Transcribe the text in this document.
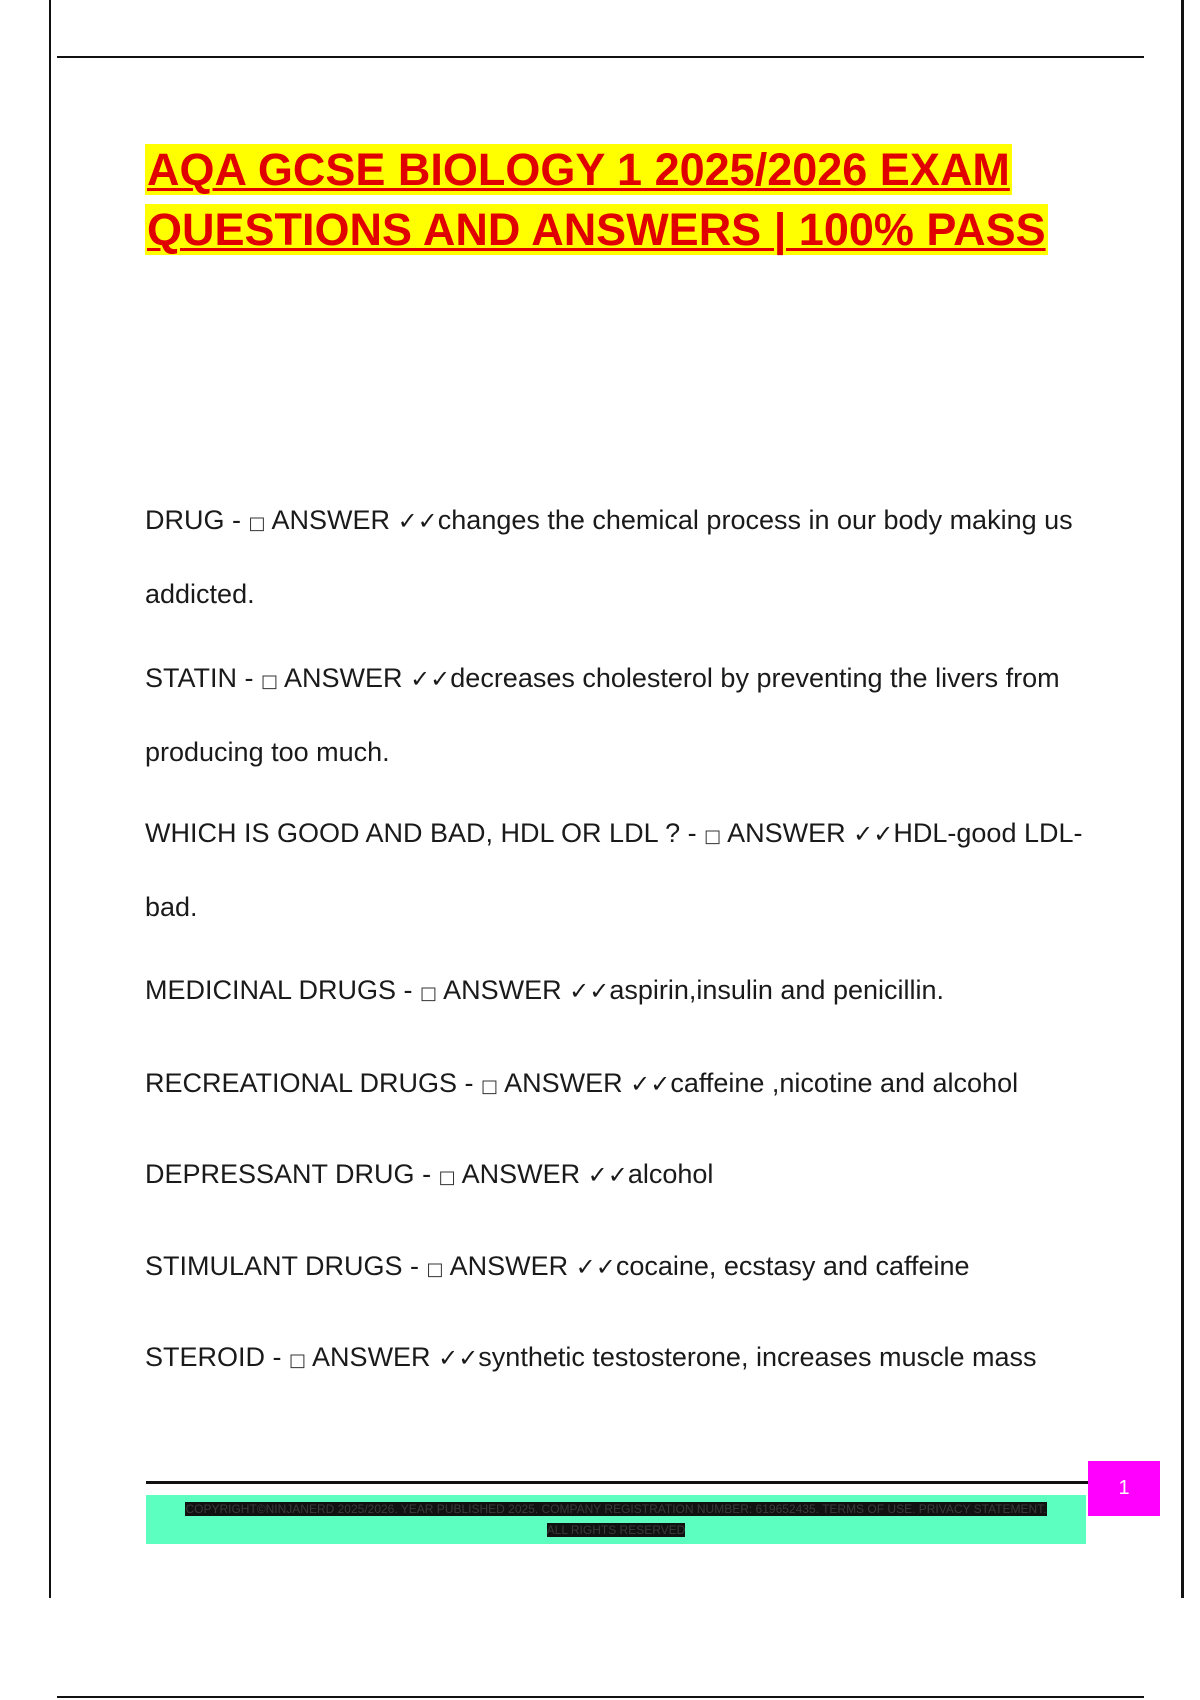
AQA GCSE BIOLOGY 1 2025/2026 EXAM QUESTIONS AND ANSWERS | 100% PASS
DRUG - □ ANSWER ✓✓changes the chemical process in our body making us addicted.
STATIN - □ ANSWER ✓✓decreases cholesterol by preventing the livers from producing too much.
WHICH IS GOOD AND BAD, HDL OR LDL ? - □ ANSWER ✓✓HDL-good LDL-bad.
MEDICINAL DRUGS - □ ANSWER ✓✓aspirin,insulin and penicillin.
RECREATIONAL DRUGS - □ ANSWER ✓✓caffeine ,nicotine and alcohol
DEPRESSANT DRUG - □ ANSWER ✓✓alcohol
STIMULANT DRUGS - □ ANSWER ✓✓cocaine, ecstasy and caffeine
STEROID - □ ANSWER ✓✓synthetic testosterone, increases muscle mass
COPYRIGHT©NINJANERD 2025/2026. YEAR PUBLISHED 2025. COMPANY REGISTRATION NUMBER: 619652435. TERMS OF USE. PRIVACY STATEMENT. ALL RIGHTS RESERVED
1
